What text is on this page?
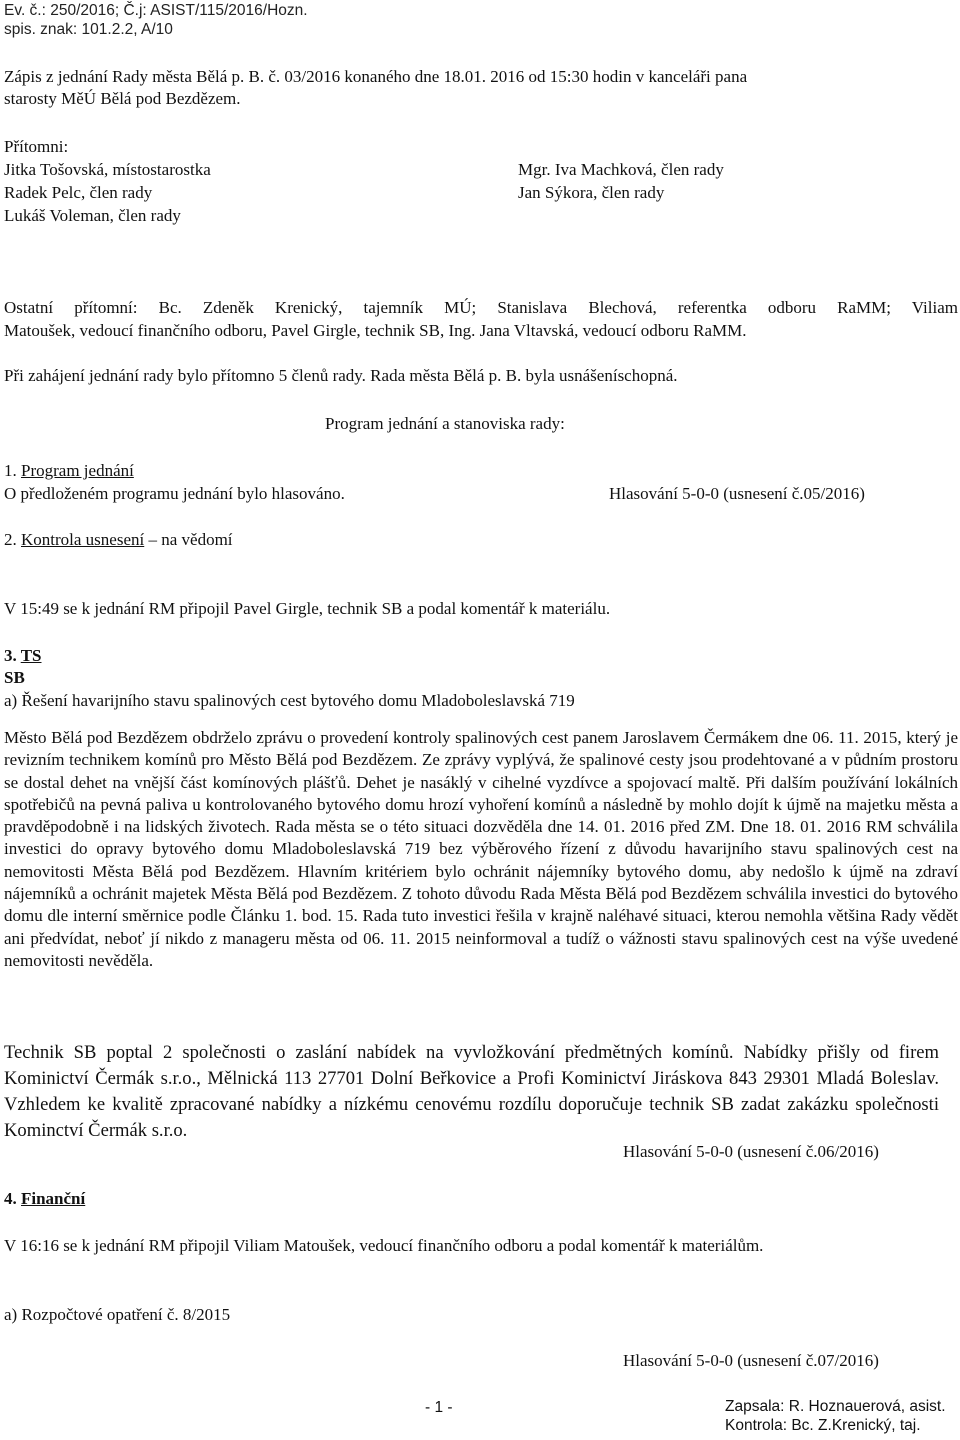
Ev. č.: 250/2016; Č.j: ASIST/115/2016/Hozn.
spis. znak: 101.2.2, A/10
Zápis z jednání Rady města Bělá p. B. č. 03/2016 konaného dne 18.01. 2016 od 15:30 hodin v kanceláři pana
starosty MěÚ Bělá pod Bezdězem.
Přítomni:
Jitka Tošovská, místostarostka
Radek Pelc, člen rady
Lukáš Voleman, člen rady
Mgr. Iva Machková, člen rady
Jan Sýkora, člen rady
Ostatní přítomní: Bc. Zdeněk Krenický, tajemník MÚ; Stanislava Blechová, referentka odboru RaMM; Viliam
Matoušek, vedoucí finančního odboru, Pavel Girgle, technik SB, Ing. Jana Vltavská, vedoucí odboru RaMM.
Při zahájení jednání rady bylo přítomno 5 členů rady. Rada města Bělá p. B. byla usnášeníschopná.
Program jednání a stanoviska rady:
1. Program jednání
O předloženém programu jednání bylo hlasováno.	Hlasování 5-0-0 (usnesení č.05/2016)
2. Kontrola usnesení – na vědomí
V 15:49 se k jednání RM připojil Pavel Girgle, technik SB a podal komentář k materiálu.
3. TS
SB
a) Řešení havarijního stavu spalinových cest bytového domu Mladoboleslavská 719
Město Bělá pod Bezdězem obdrželo zprávu o provedení kontroly spalinových cest panem Jaroslavem Čermákem dne 06. 11. 2015, který je revizním technikem komínů pro Město Bělá pod Bezdězem. Ze zprávy vyplývá, že spalinové cesty jsou prodehtované a v půdním prostoru se dostal dehet na vnější část komínových plášťů. Dehet je nasáklý v cihelné vyzdívce a spojovací maltě. Při dalším používání lokálních spotřebičů na pevná paliva u kontrolovaného bytového domu hrozí vyhoření komínů a následně by mohlo dojít k újmě na majetku města a pravděpodobně i na lidských životech. Rada města se o této situaci dozvěděla dne 14. 01. 2016 před ZM. Dne 18. 01. 2016 RM schválila investici do opravy bytového domu Mladoboleslavská 719 bez výběrového řízení z důvodu havarijního stavu spalinových cest na nemovitosti Města Bělá pod Bezdězem. Hlavním kritériem bylo ochránit nájemníky bytového domu, aby nedošlo k újmě na zdraví nájemníků a ochránit majetek Města Bělá pod Bezdězem. Z tohoto důvodu Rada Města Bělá pod Bezdězem schválila investici do bytového domu dle interní směrnice podle Článku 1. bod. 15. Rada tuto investici řešila v krajně naléhavé situaci, kterou nemohla většina Rady vědět ani předvídat, neboť jí nikdo z manageru města od 06. 11. 2015 neinformoval a tudíž o vážnosti stavu spalinových cest na výše uvedené nemovitosti nevěděla.
Technik SB poptal 2 společnosti o zaslání nabídek na vyvložkování předmětných komínů. Nabídky přišly od firem Kominictví Čermák s.r.o., Mělnická 113 27701 Dolní Beřkovice a Profi Kominictví Jiráskova 843 29301 Mladá Boleslav. Vzhledem ke kvalitě zpracované nabídky a nízkému cenovému rozdílu doporučuje technik SB zadat zakázku společnosti Kominctví Čermák s.r.o.
Hlasování 5-0-0 (usnesení č.06/2016)
4. Finanční
V 16:16 se k jednání RM připojil Viliam Matoušek, vedoucí finančního odboru a podal komentář k materiálům.
a) Rozpočtové opatření č. 8/2015
Hlasování 5-0-0 (usnesení č.07/2016)
- 1 -	Zapsala: R. Hoznauerová, asist.
Kontrola: Bc. Z.Krenický, taj.
